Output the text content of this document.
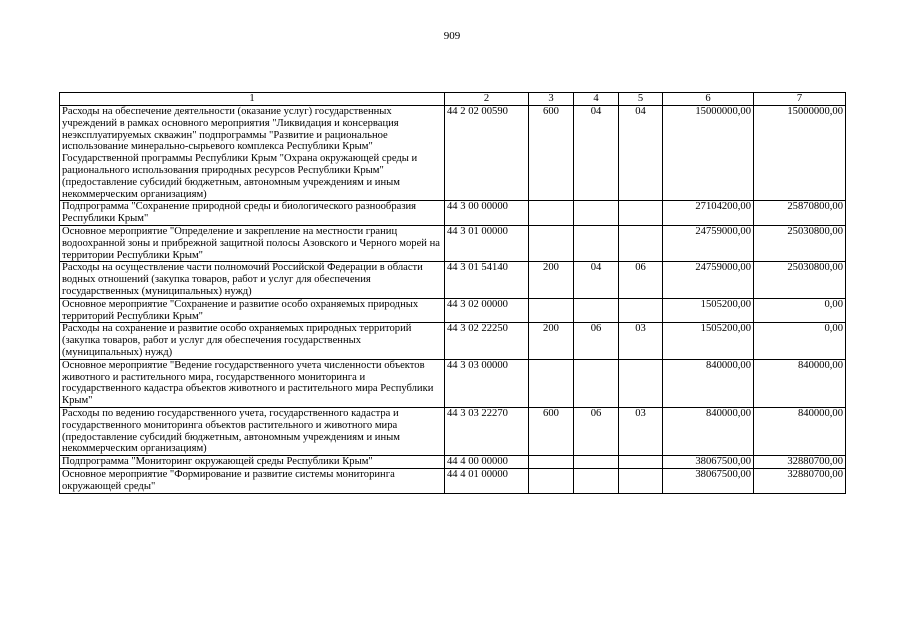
909
1	2	3	4	5	6	7
Расходы на обеспечение деятельности (оказание услуг) государственных учреждений в рамках основного мероприятия "Ликвидация и консервация неэксплуатируемых скважин" подпрограммы "Развитие и рациональное использование минерально-сырьевого комплекса Республики Крым" Государственной программы Республики Крым "Охрана окружающей среды и рационального использования природных ресурсов Республики Крым" (предоставление субсидий бюджетным, автономным учреждениям и иным некоммерческим организациям)	44 2 02 00590	600	04	04	15000000,00	15000000,00
Подпрограмма "Сохранение природной среды и биологического разнообразия Республики Крым"	44 3 00 00000				27104200,00	25870800,00
Основное мероприятие "Определение и закрепление на местности границ водоохранной зоны и прибрежной защитной полосы Азовского и Черного морей на территории Республики Крым"	44 3 01 00000				24759000,00	25030800,00
Расходы на осуществление части полномочий Российской Федерации в области водных отношений (закупка товаров, работ и услуг для обеспечения государственных (муниципальных) нужд)	44 3 01 54140	200	04	06	24759000,00	25030800,00
Основное мероприятие "Сохранение и развитие особо охраняемых природных территорий Республики Крым"	44 3 02 00000				1505200,00	0,00
Расходы на сохранение и развитие особо охраняемых природных территорий (закупка товаров, работ и услуг для обеспечения государственных (муниципальных) нужд)	44 3 02 22250	200	06	03	1505200,00	0,00
Основное мероприятие "Ведение государственного учета численности объектов животного и растительного мира, государственного мониторинга и государственного кадастра объектов животного и растительного мира Республики Крым"	44 3 03 00000				840000,00	840000,00
Расходы по ведению государственного учета, государственного кадастра и государственного мониторинга объектов растительного и животного мира (предоставление субсидий бюджетным, автономным учреждениям и иным некоммерческим организациям)	44 3 03 22270	600	06	03	840000,00	840000,00
Подпрограмма "Мониторинг окружающей среды Республики Крым"	44 4 00 00000				38067500,00	32880700,00
Основное мероприятие "Формирование и развитие системы мониторинга окружающей среды"	44 4 01 00000				38067500,00	32880700,00
